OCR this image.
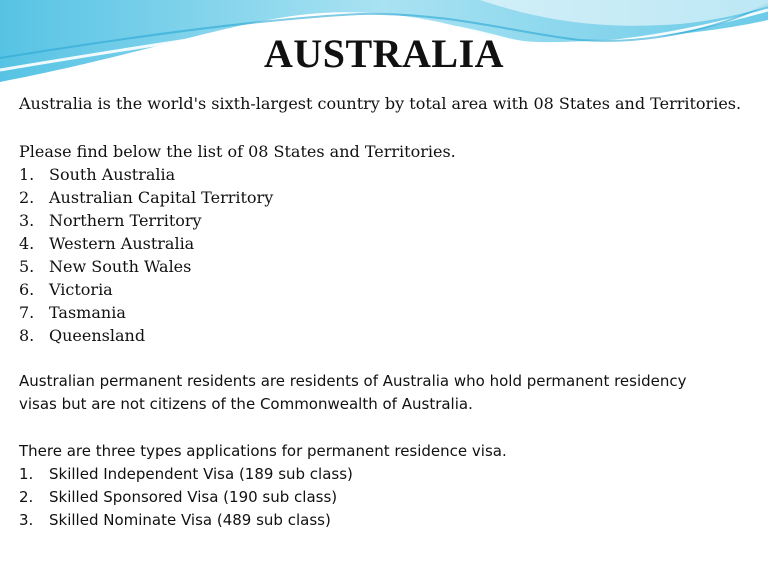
AUSTRALIA
Australia is the world's sixth-largest country by total area with 08 States and Territories.
Please find below the list of 08 States and Territories.
1. South Australia
2. Australian Capital Territory
3. Northern Territory
4. Western Australia
5. New South Wales
6. Victoria
7. Tasmania
8. Queensland
Australian permanent residents are residents of Australia who hold permanent residency
visas but are not citizens of the Commonwealth of Australia.
There are three types applications for permanent residence visa.
1. Skilled Independent Visa (189 sub class)
2. Skilled Sponsored Visa (190 sub class)
3. Skilled Nominate Visa (489 sub class)
